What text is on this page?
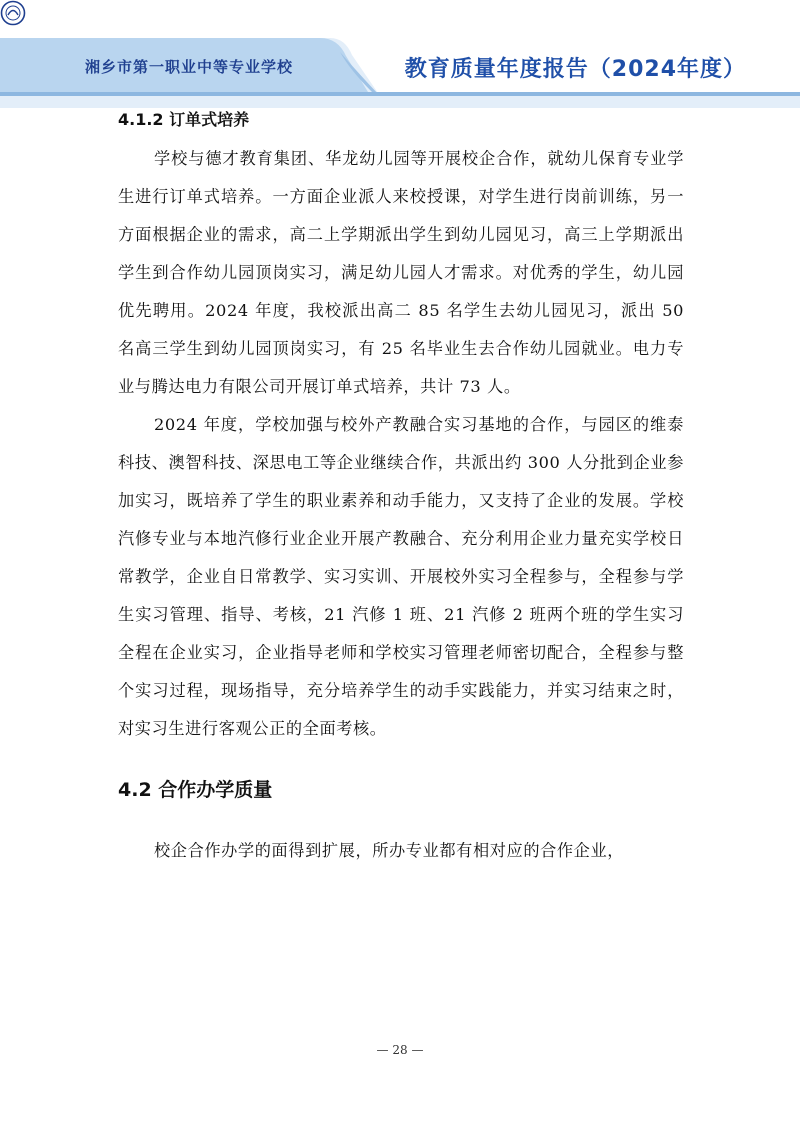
湘乡市第一职业中等专业学校	教育质量年度报告（2024年度）
4.1.2 订单式培养

学校与德才教育集团、华龙幼儿园等开展校企合作，就幼儿保育专业学生进行订单式培养。一方面企业派人来校授课，对学生进行岗前训练，另一方面根据企业的需求，高二上学期派出学生到幼儿园见习，高三上学期派出学生到合作幼儿园顶岗实习，满足幼儿园人才需求。对优秀的学生，幼儿园优先聘用。2024 年度，我校派出高二 85 名学生去幼儿园见习，派出 50 名高三学生到幼儿园顶岗实习，有 25 名毕业生去合作幼儿园就业。电力专业与腾达电力有限公司开展订单式培养，共计 73 人。

2024 年度，学校加强与校外产教融合实习基地的合作，与园区的维泰科技、澳智科技、深思电工等企业继续合作，共派出约 300 人分批到企业参加实习，既培养了学生的职业素养和动手能力，又支持了企业的发展。学校汽修专业与本地汽修行业企业开展产教融合、充分利用企业力量充实学校日常教学，企业自日常教学、实习实训、开展校外实习全程参与，全程参与学生实习管理、指导、考核，21 汽修 1 班、21 汽修 2 班两个班的学生实习全程在企业实习，企业指导老师和学校实习管理老师密切配合，全程参与整个实习过程，现场指导，充分培养学生的动手实践能力，并实习结束之时，对实习生进行客观公正的全面考核。

4.2 合作办学质量

校企合作办学的面得到扩展，所办专业都有相对应的合作企业，

— 28 —
